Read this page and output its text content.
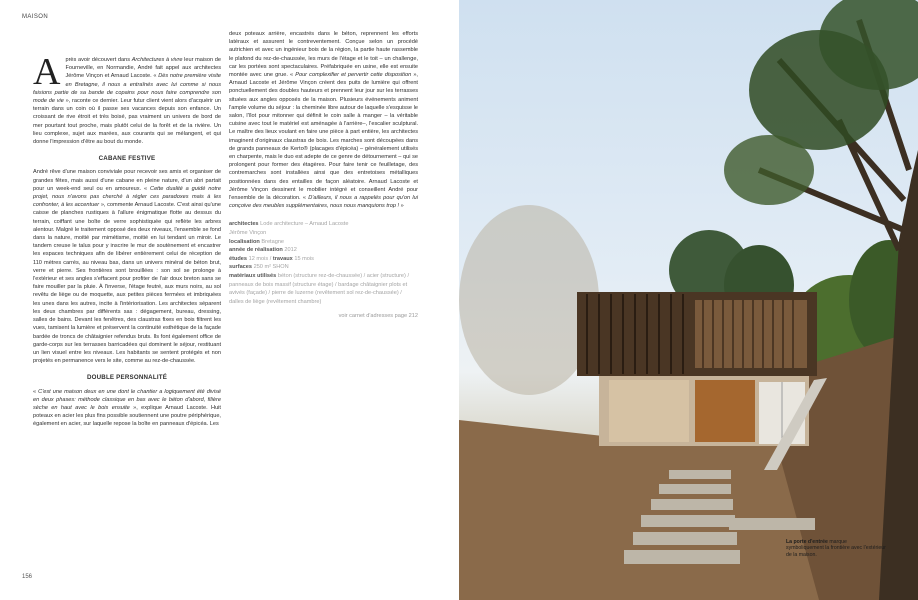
MAISON

Après avoir découvert dans Architectures à vivre leur maison de Fourneville, en Normandie, André fait appel aux architectes Jérôme Vinçon et Arnaud Lacoste. « Dès notre première visite en Bretagne, il nous a entraînés avec lui comme si nous faisions partie de sa bande de copains pour nous faire comprendre son mode de vie », raconte ce dernier. Leur futur client vient alors d'acquérir un terrain dans un coin où il passe ses vacances depuis son enfance. Un croissant de rive étroit et très boisé, pas vraiment un univers de bord de mer pourtant tout proche, mais plutôt celui de la forêt et de la rivière. Un lieu complexe, sujet aux marées, aux courants qui se mélangent, et qui donne l'impression d'être au bout du monde.

CABANE FESTIVE

André rêve d'une maison conviviale pour recevoir ses amis et organiser de grandes fêtes, mais aussi d'une cabane en pleine nature, d'un abri partait pour un week-end seul ou en amoureux. « Cette dualité a guidé notre projet, nous n'avons pas cherché à régler ces paradoxes mais à les confronter, à les accentuer », commente Arnaud Lacoste. C'est ainsi qu'une caisse de planches rustiques à l'allure énigmatique flotte au dessus du terrain, coiffant une boîte de verre sophistiquée qui reflète les arbres alentour. Malgré le traitement opposé des deux niveaux, l'ensemble se fond dans la nature, moitié par mimétisme, moitié en lui tendant un miroir. Le tandem creuse le talus pour y inscrire le mur de soutènement et encastrer les espaces techniques afin de libérer entièrement celui de réception de 110 mètres carrés, au niveau bas, dans un univers minéral de béton brut, verre et pierre. Ses frontières sont brouillées : son sol se prolonge à l'extérieur et ses angles s'effacent pour profiter de l'air doux breton sans se faire mouiller par la pluie. À l'inverse, l'étage feutré, aux murs noirs, au sol revêtu de liège ou de moquette, aux petites pièces fermées et imbriquées les unes dans les autres, incite à l'intériorisation. Les architectes séparent les deux chambres par différents sas : dégagement, bureau, dressing, salles de bains. Devant les fenêtres, des claustras fixes en bois filtrent les vues, tamisent la lumière et préservent la continuité esthétique de la façade bardée de troncs de châtaignier refendus bruts. Ils font également office de garde-corps sur les terrasses barricadées qui dominent le séjour, restituant un lien visuel entre les niveaux. Les habitants se sentent protégés et non projetés en permanence vers le site, comme au rez-de-chaussée.

DOUBLE PERSONNALITÉ

« C'est une maison deux en une dont le chantier a logiquement été divisé en deux phases: méthode classique en bas avec le béton d'abord, filière sèche en haut avec le bois ensuite », explique Arnaud Lacoste. Huit poteaux en acier les plus fins possible soutiennent une poutre périphérique, également en acier, sur laquelle repose la boîte en panneaux d'épicéa. Les

deux poteaux arrière, encastrés dans le béton, reprennent les efforts latéraux et assurent le contreventement. Conçue selon un procédé autrichien et avec un ingénieur bois de la région, la partie haute rassemble le plafond du rez-de-chaussée, les murs de l'étage et le toit – un challenge, car les portées sont spectaculaires. Préfabriquée en usine, elle est ensuite montée avec une grue. « Pour complexifier et pervertir cette disposition », Arnaud Lacoste et Jérôme Vinçon créent des puits de lumière qui offrent ponctuellement des doubles hauteurs et prennent leur jour sur les terrasses situées aux angles opposés de la maison. Plusieurs événements animent l'ample volume du séjour : la cheminée libre autour de laquelle s'esquisse le salon, l'îlot pour mitonner qui définit le coin salle à manger – la véritable cuisine avec tout le matériel est aménagée à l'arrière–, l'escalier sculptural. Le maître des lieux voulant en faire une pièce à part entière, les architectes imaginent d'originaux claustras de bois. Les marches sont découpées dans de grands panneaux de Kerto® (placages d'épicéa) – généralement utilisés en charpente, mais le duo est adepte de ce genre de détournement – qui se prolongent pour former des étagères. Pour faire tenir ce feuilletage, des contremarches sont installées ainsi que des entretoises métalliques positionnées dans des entailles de façon aléatoire. Arnaud Lacoste et Jérôme Vinçon dessinent le mobilier intégré et conseillent André pour l'ensemble de la décoration. « D'ailleurs, il nous a rappelés pour qu'on lui conçoive des meubles supplémentaires, nous nous manquions trop ! »

architectes Lode architecture – Arnaud Lacoste
Jérôme Vinçon
localisation Bretagne
année de réalisation 2012
études 12 mois / travaux 15 mois
surfaces 250 m² SHON
matériaux utilisés béton (structure rez-de-chaussée) / acier (structure) / panneaux de bois massif (structure étage) / bardage châtaignier plots et avivés (façade) / pierre de luzerne (revêtement sol rez-de-chaussée) / dalles de liège (revêtement chambre)
voir carnet d'adresses page 212
156
La porte d'entrée marque symboliquement la frontière avec l'extérieur de la maison.
